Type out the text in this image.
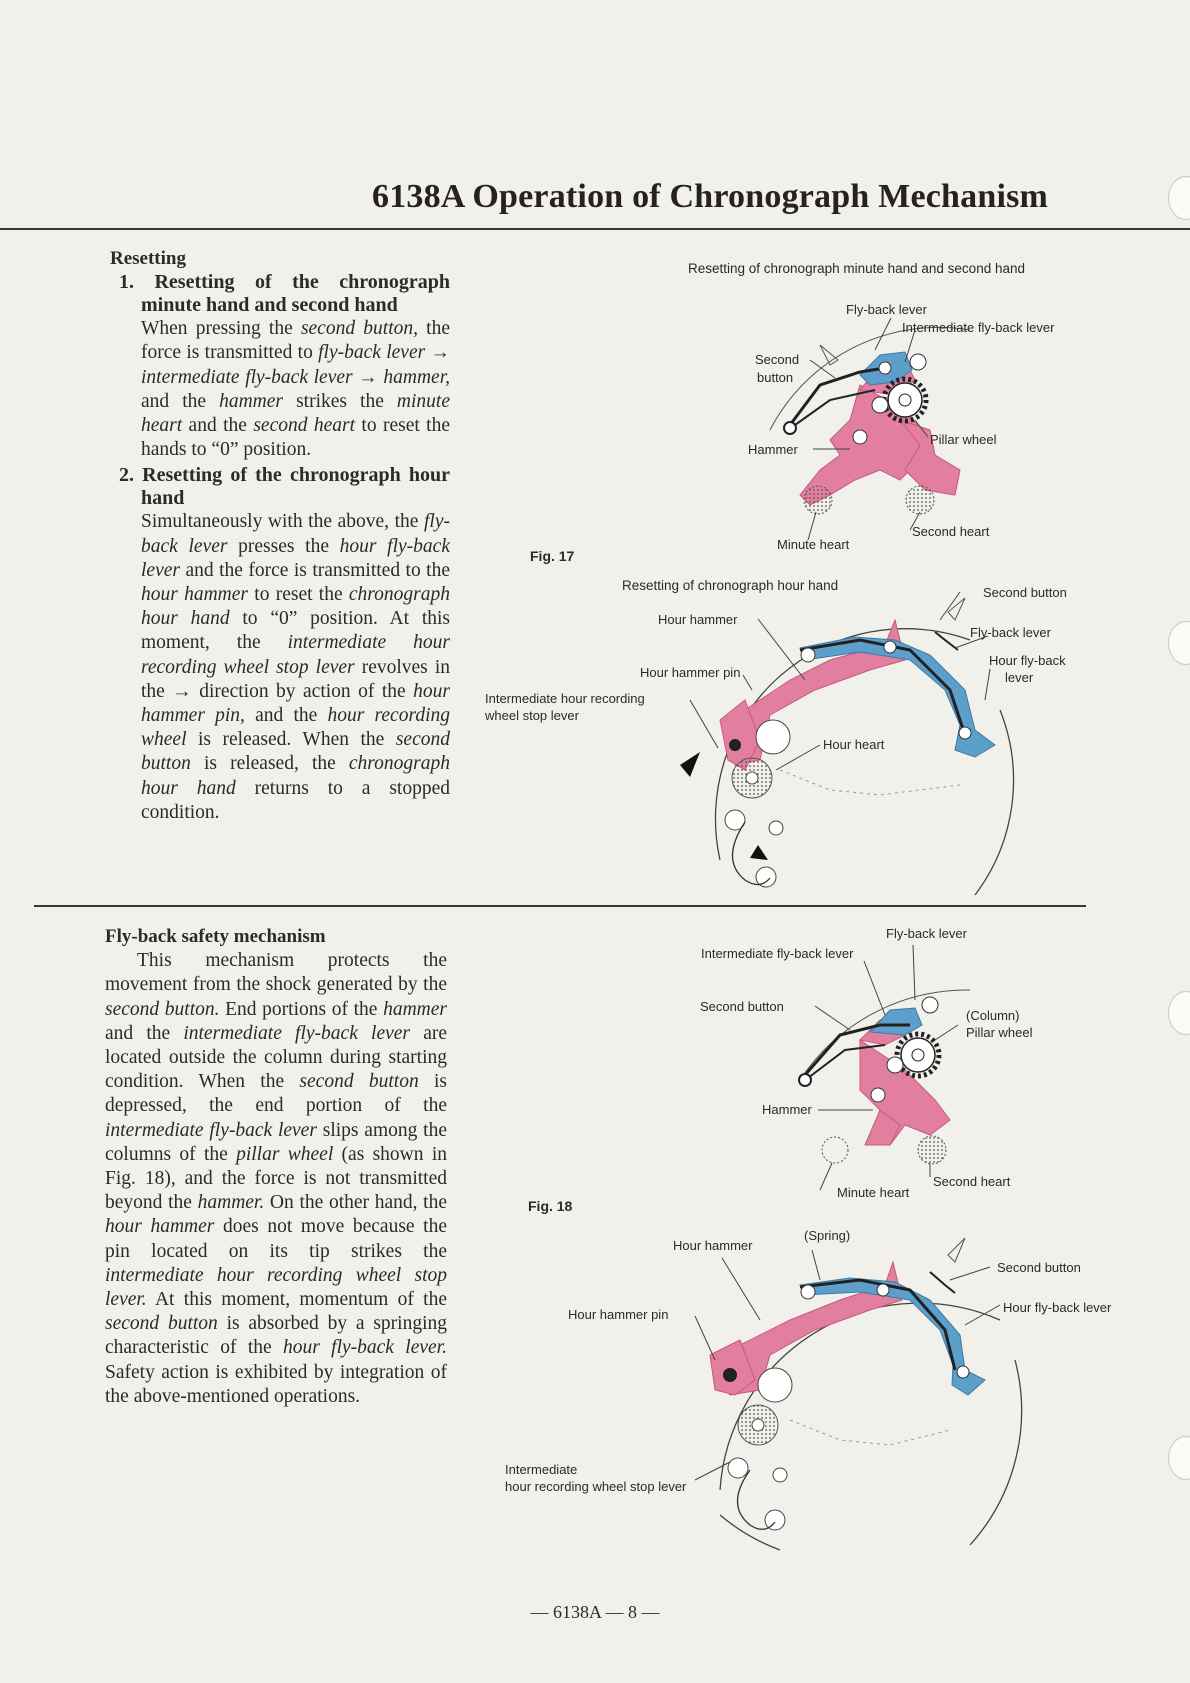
6138A Operation of Chronograph Mechanism

Resetting

1. Resetting of the chronograph minute hand and second hand

When pressing the second button, the force is transmitted to fly-back lever → intermediate fly-back lever → hammer, and the hammer strikes the minute heart and the second heart to reset the hands to “0” position.

2. Resetting of the chronograph hour hand

Simultaneously with the above, the fly-back lever presses the hour fly-back lever and the force is transmitted to the hour hammer to reset the chronograph hour hand to “0” position. At this moment, the intermediate hour recording wheel stop lever revolves in the → direction by action of the hour hammer pin, and the hour recording wheel is released. When the second button is released, the chronograph hour hand returns to a stopped condition.

Fly-back safety mechanism

This mechanism protects the movement from the shock generated by the second button. End portions of the hammer and the intermediate fly-back lever are located outside the column during starting condition. When the second button is depressed, the end portion of the intermediate fly-back lever slips among the columns of the pillar wheel (as shown in Fig. 18), and the force is not transmitted beyond the hammer. On the other hand, the hour hammer does not move because the pin located on its tip strikes the intermediate hour recording wheel stop lever. At this moment, momentum of the second button is absorbed by a springing characteristic of the hour fly-back lever. Safety action is exhibited by integration of the above-mentioned operations.

Resetting of chronograph minute hand and second hand
Fly-back lever
Intermediate fly-back lever
Second
button
Pillar wheel
Hammer
Second heart
Minute heart
Fig. 17
Resetting of chronograph hour hand	Second button
Hour hammer
Fly-back lever
Hour fly-back
lever
Hour hammer pin
Intermediate hour recording
wheel stop lever
Hour heart
Fly-back lever
Intermediate fly-back lever
Second button
(Column)
Pillar wheel
Hammer
Second heart
Minute heart
Fig. 18
(Spring)
Hour hammer
Second button
Hour hammer pin	Hour fly-back lever
Intermediate
hour recording wheel stop lever
— 6138A — 8 —
